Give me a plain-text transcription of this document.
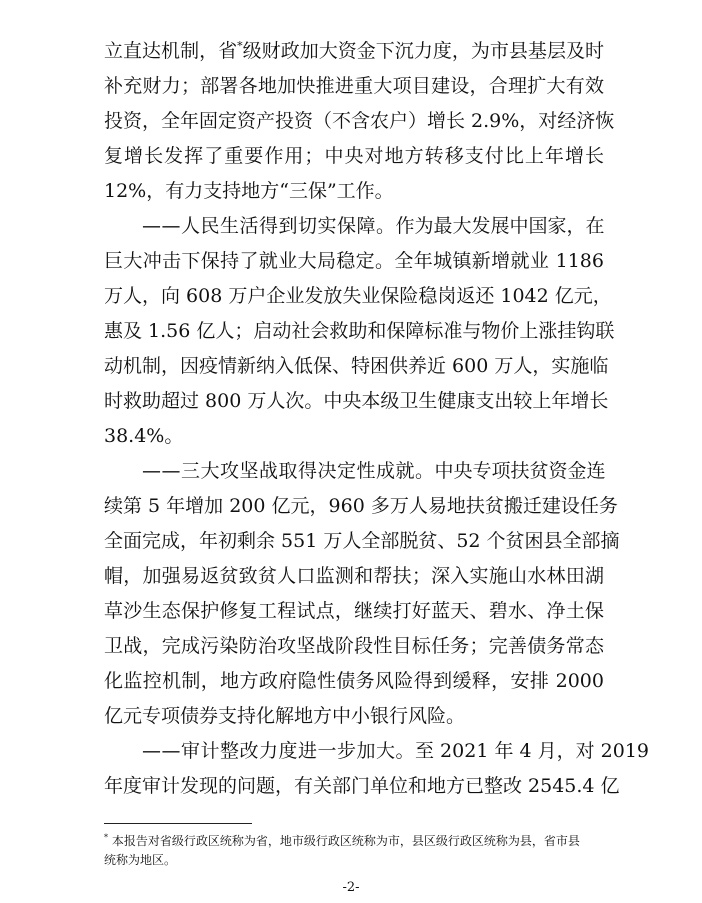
立直达机制，省*级财政加大资金下沉力度，为市县基层及时
补充财力；部署各地加快推进重大项目建设，合理扩大有效
投资，全年固定资产投资（不含农户）增长 2.9%，对经济恢
复增长发挥了重要作用；中央对地方转移支付比上年增长
12%，有力支持地方“三保”工作。
——人民生活得到切实保障。作为最大发展中国家，在
巨大冲击下保持了就业大局稳定。全年城镇新增就业 1186
万人，向 608 万户企业发放失业保险稳岗返还 1042 亿元，
惠及 1.56 亿人；启动社会救助和保障标准与物价上涨挂钩联
动机制，因疫情新纳入低保、特困供养近 600 万人，实施临
时救助超过 800 万人次。中央本级卫生健康支出较上年增长
38.4%。
——三大攻坚战取得决定性成就。中央专项扶贫资金连
续第 5 年增加 200 亿元，960 多万人易地扶贫搬迁建设任务
全面完成，年初剩余 551 万人全部脱贫、52 个贫困县全部摘
帽，加强易返贫致贫人口监测和帮扶；深入实施山水林田湖
草沙生态保护修复工程试点，继续打好蓝天、碧水、净土保
卫战，完成污染防治攻坚战阶段性目标任务；完善债务常态
化监控机制，地方政府隐性债务风险得到缓释，安排 2000
亿元专项债券支持化解地方中小银行风险。
——审计整改力度进一步加大。至 2021 年 4 月，对 2019
年度审计发现的问题，有关部门单位和地方已整改 2545.4 亿
* 本报告对省级行政区统称为省，地市级行政区统称为市，县区级行政区统称为县，省市县
统称为地区。
-2-
